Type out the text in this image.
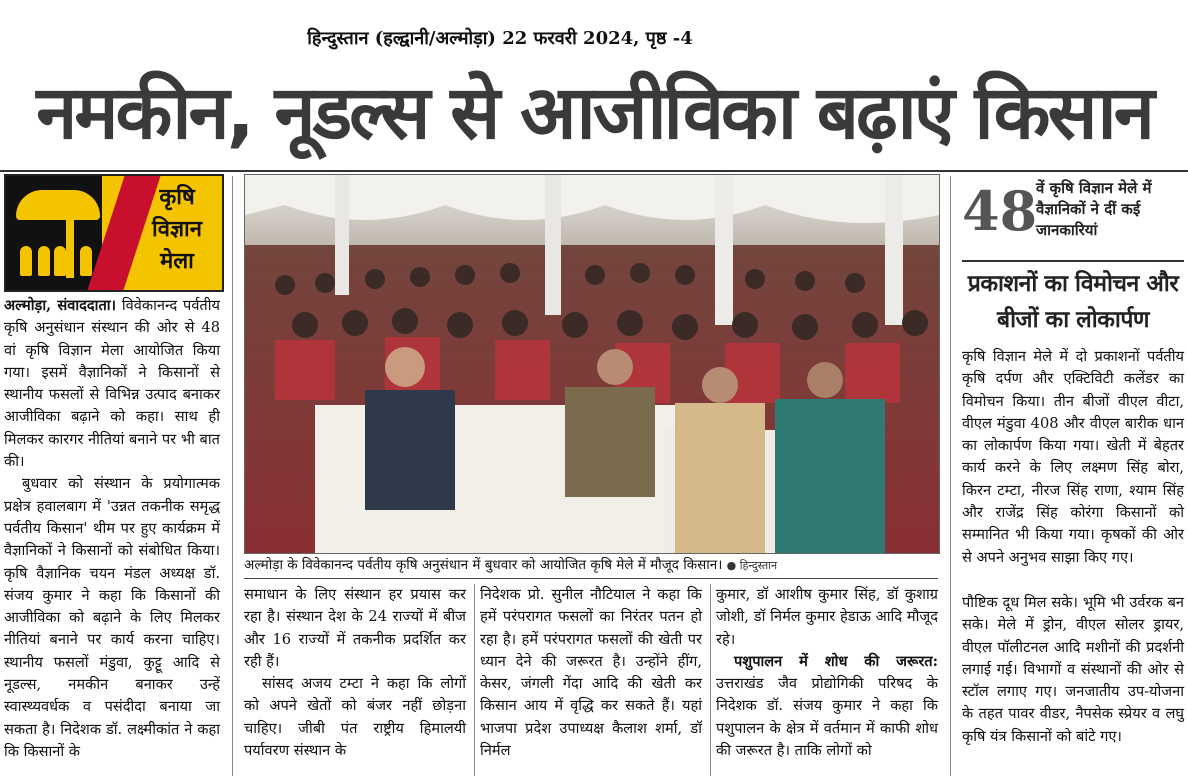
हिन्दुस्तान (हल्द्वानी/अल्मोड़ा) 22 फरवरी 2024, पृष्ठ -4
नमकीन, नूडल्स से आजीविका बढ़ाएं किसान
कृषि
विज्ञान
मेला

अल्मोड़ा, संवाददाता। विवेकानन्द पर्वतीय कृषि अनुसंधान संस्थान की ओर से 48 वां कृषि विज्ञान मेला आयोजित किया गया। इसमें वैज्ञानिकों ने किसानों से स्थानीय फसलों से विभिन्न उत्पाद बनाकर आजीविका बढ़ाने को कहा। साथ ही मिलकर कारगर नीतियां बनाने पर भी बात की।

बुधवार को संस्थान के प्रयोगात्मक प्रक्षेत्र हवालबाग में 'उन्नत तकनीक समृद्ध पर्वतीय किसान' थीम पर हुए कार्यक्रम में वैज्ञानिकों ने किसानों को संबोधित किया। कृषि वैज्ञानिक चयन मंडल अध्यक्ष डॉ. संजय कुमार ने कहा कि किसानों की आजीविका को बढ़ाने के लिए मिलकर नीतियां बनाने पर कार्य करना चाहिए। स्थानीय फसलों मंडुवा, कुट्टू आदि से नूडल्स, नमकीन बनाकर उन्हें स्वास्थ्यवर्धक व पसंदीदा बनाया जा सकता है। निदेशक डॉ. लक्ष्मीकांत ने कहा कि किसानों के

अल्मोड़ा के विवेकानन्द पर्वतीय कृषि अनुसंधान में बुधवार को आयोजित कृषि मेले में मौजूद किसान। ● हिन्दुस्तान

समाधान के लिए संस्थान हर प्रयास कर रहा है। संस्थान देश के 24 राज्यों में बीज और 16 राज्यों में तकनीक प्रदर्शित कर रही हैं।

सांसद अजय टम्टा ने कहा कि लोगों को अपने खेतों को बंजर नहीं छोड़ना चाहिए। जीबी पंत राष्ट्रीय हिमालयी पर्यावरण संस्थान के

निदेशक प्रो. सुनील नौटियाल ने कहा कि हमें परंपरागत फसलों का निरंतर पतन हो रहा है। हमें परंपरागत फसलों की खेती पर ध्यान देने की जरूरत है। उन्होंने हींग, केसर, जंगली गेंदा आदि की खेती कर किसान आय में वृद्धि कर सकते हैं। यहां भाजपा प्रदेश उपाध्यक्ष कैलाश शर्मा, डॉ निर्मल

कुमार, डॉ आशीष कुमार सिंह, डॉ कुशाग्र जोशी, डॉ निर्मल कुमार हेडाऊ आदि मौजूद रहे।

पशुपालन में शोध की जरूरत: उत्तराखंड जैव प्रोद्योगिकी परिषद के निदेशक डॉ. संजय कुमार ने कहा कि पशुपालन के क्षेत्र में वर्तमान में काफी शोध की जरूरत है। ताकि लोगों को

48
वें कृषि विज्ञान मेले में वैज्ञानिकों ने दीं कई जानकारियां
प्रकाशनों का विमोचन और बीजों का लोकार्पण

कृषि विज्ञान मेले में दो प्रकाशनों पर्वतीय कृषि दर्पण और एक्टिविटी कलेंडर का विमोचन किया। तीन बीजों वीएल वीटा, वीएल मंडुवा 408 और वीएल बारीक धान का लोकार्पण किया गया। खेती में बेहतर कार्य करने के लिए लक्ष्मण सिंह बोरा, किरन टम्टा, नीरज सिंह राणा, श्याम सिंह और राजेंद्र सिंह कोरंगा किसानों को सम्मानित भी किया गया। कृषकों की ओर से अपने अनुभव साझा किए गए।

पौष्टिक दूध मिल सके। भूमि भी उर्वरक बन सके। मेले में ड्रोन, वीएल सोलर ड्रायर, वीएल पॉलीटनल आदि मशीनों की प्रदर्शनी लगाई गई। विभागों व संस्थानों की ओर से स्टॉल लगाए गए। जनजातीय उप-योजना के तहत पावर वीडर, नैपसेक स्प्रेयर व लघु कृषि यंत्र किसानों को बांटे गए।
